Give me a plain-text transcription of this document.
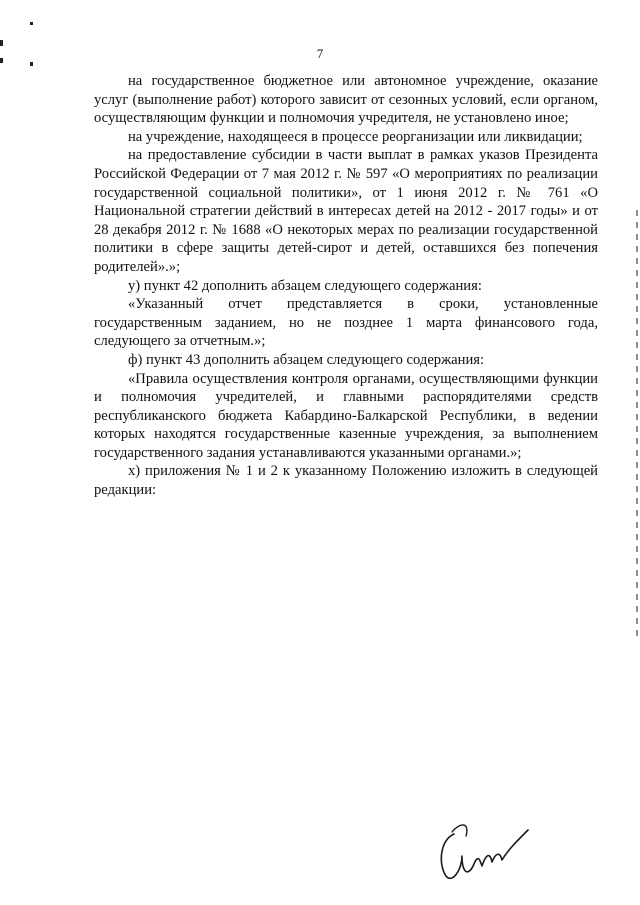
7

на государственное бюджетное или автономное учреждение, оказание услуг (выполнение работ) которого зависит от сезонных условий, если органом, осуществляющим функции и полномочия учредителя, не установлено иное;

на учреждение, находящееся в процессе реорганизации или ликвидации;

на предоставление субсидии в части выплат в рамках указов Президента Российской Федерации от 7 мая 2012 г. № 597 «О мероприятиях по реализации государственной социальной политики», от 1 июня 2012 г. № 761 «О Национальной стратегии действий в интересах детей на 2012 - 2017 годы» и от 28 декабря 2012 г. № 1688 «О некоторых мерах по реализации государственной политики в сфере защиты детей-сирот и детей, оставшихся без попечения родителей».»;

у) пункт 42 дополнить абзацем следующего содержания:

«Указанный отчет представляется в сроки, установленные государственным заданием, но не позднее 1 марта финансового года, следующего за отчетным.»;

ф) пункт 43 дополнить абзацем следующего содержания:

«Правила осуществления контроля органами, осуществляющими функции и полномочия учредителей, и главными распорядителями средств республиканского бюджета Кабардино-Балкарской Республики, в ведении которых находятся государственные казенные учреждения, за выполнением государственного задания устанавливаются указанными органами.»;

х) приложения № 1 и 2 к указанному Положению изложить в следующей редакции:
